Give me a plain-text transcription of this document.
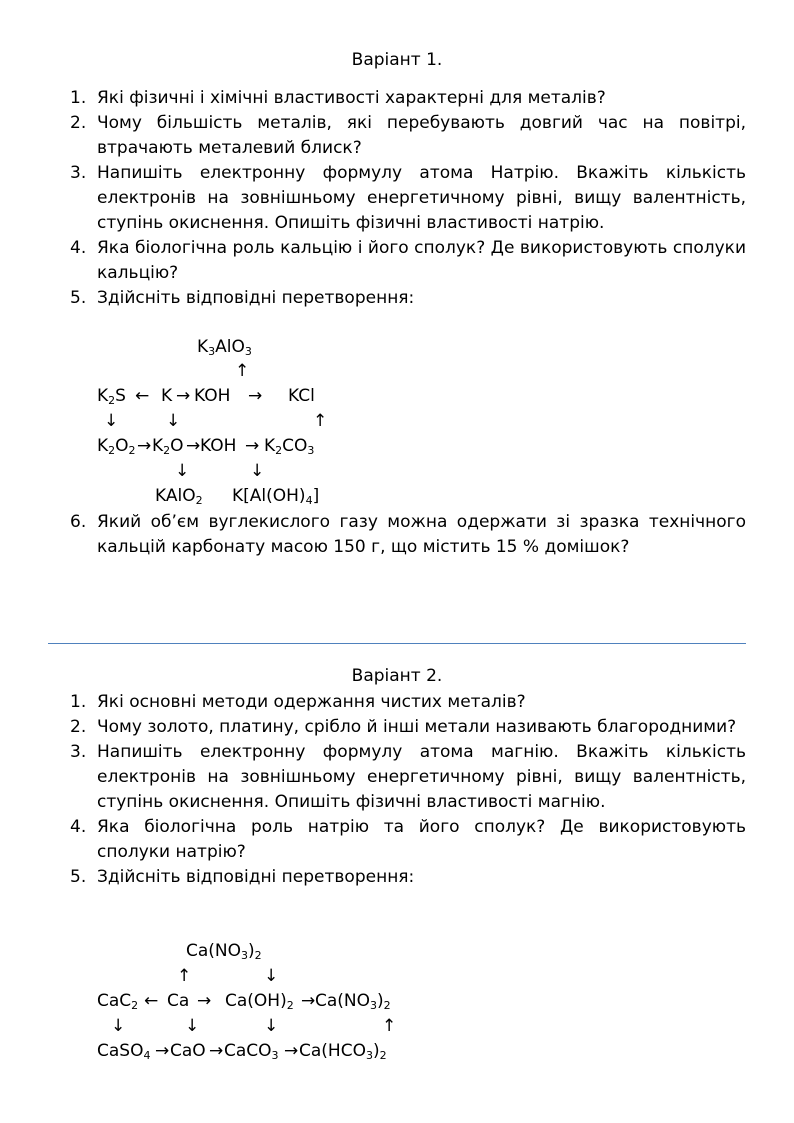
Варіант 1.
1. Які фізичні і хімічні властивості характерні для металів?
2. Чому більшість металів, які перебувають довгий час на повітрі, втрачають металевий блиск?
3. Напишіть електронну формулу атома Натрію. Вкажіть кількість електронів на зовнішньому енергетичному рівні, вищу валентність, ступінь окиснення. Опишіть фізичні властивості натрію.
4. Яка біологічна роль кальцію і його сполук? Де використовують сполуки кальцію?
5. Здійсніть відповідні перетворення:
$K_3AlO_3$
↑
$K_2S$ ← K → KOH → KCl
↓	↓	↑
$K_2O_2 \to K_2O$ → KOH → $K_2CO_3$
↓	↓
KAlO$_2$ $K[Al(OH)_4]$
6. Який об’єм вуглекислого газу можна одержати зі зразка технічного кальцій карбонату масою 150 г, що містить 15 % домішок?
Варіант 2.
1. Які основні методи одержання чистих металів?
2. Чому золото, платину, срібло й інші метали називають благородними?
3. Напишіть електронну формулу атома магнію. Вкажіть кількість електронів на зовнішньому енергетичному рівні, вищу валентність, ступінь окиснення. Опишіть фізичні властивості магнію.
4. Яка біологічна роль натрію та його сполук? Де використовують сполуки натрію?
5. Здійсніть відповідні перетворення:
$Ca(NO_3)_2$
↑	↓
CaC$_2$ ← $Ca \to Ca(OH)_2 \to Ca(NO_3)_2$
↓	↓	↓	↑
CaSO$_4$ → CaO → CaCO$_3$ → $Ca(HCO_3)_2$
